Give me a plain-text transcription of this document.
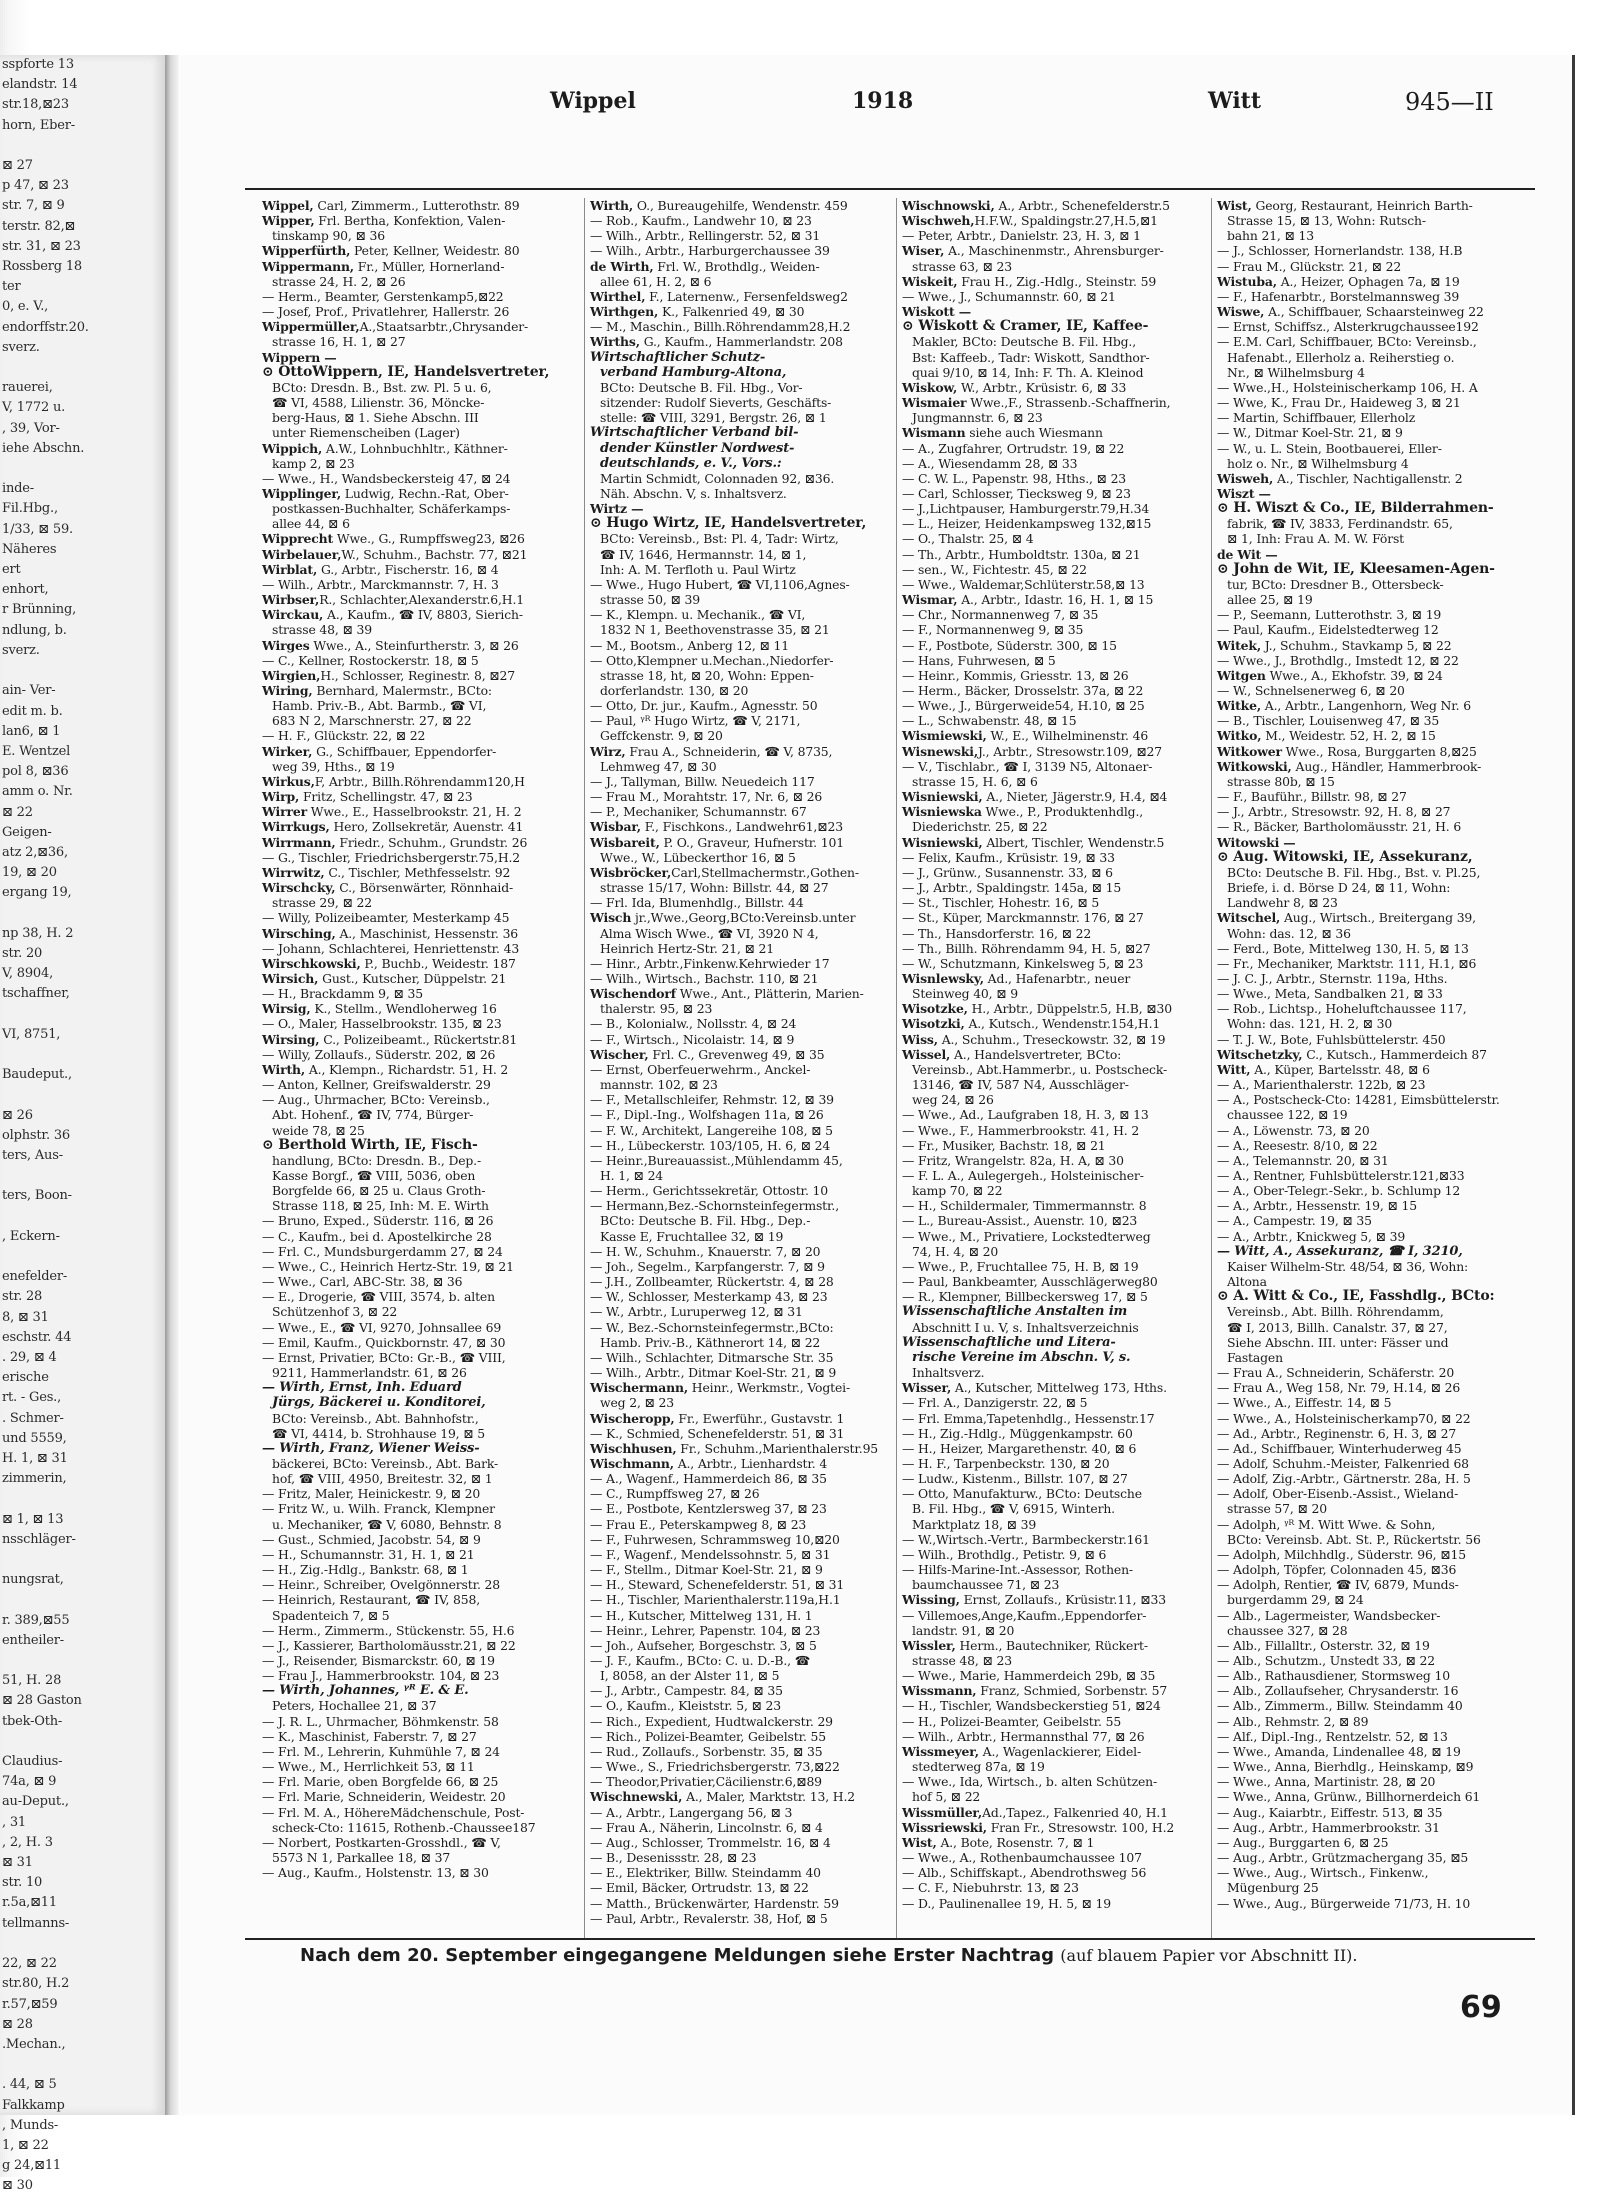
sspforte 13
elandstr. 14
str.18,⊠23
horn, Eber-

⊠ 27
p 47, ⊠ 23
str. 7, ⊠ 9
terstr. 82,⊠
str. 31, ⊠ 23
Rossberg 18
ter
0, e. V.,
endorffstr.20.
sverz.

rauerei,
V, 1772 u.
, 39, Vor-
iehe Abschn.

inde-
Fil.Hbg.,
1/33, ⊠ 59.
Näheres
ert
enhort,
r Brünning,
ndlung, b.
sverz.

ain- Ver-
edit m. b.
lan6, ⊠ 1
E. Wentzel
pol 8, ⊠36
amm o. Nr.
⊠ 22
Geigen-
atz 2,⊠36,
19, ⊠ 20
ergang 19,

np 38, H. 2
str. 20
V, 8904,
tschaffner,

VI, 8751,

Baudeput.,

⊠ 26
olphstr. 36
ters, Aus-

ters, Boon-

, Eckern-

enefelder-
str. 28
8, ⊠ 31
eschstr. 44
. 29, ⊠ 4
erische
rt. - Ges.,
. Schmer-
und 5559,
H. 1, ⊠ 31
zimmerin,

⊠ 1, ⊠ 13
nsschläger-

nungsrat,

r. 389,⊠55
entheiler-

51, H. 28
⊠ 28 Gaston
tbek-Oth-

Claudius-
74a, ⊠ 9
au-Deput.,
, 31
, 2, H. 3
⊠ 31
str. 10
r.5a,⊠11
tellmanns-

22, ⊠ 22
str.80, H.2
r.57,⊠59
⊠ 28
.Mechan.,

. 44, ⊠ 5
Falkkamp
, Munds-
1, ⊠ 22
g 24,⊠11
⊠ 30
Wippel	1918	Witt	945—II
Wippel, Carl, Zimmerm., Lutterothstr. 89
Wipper, Frl. Bertha, Konfektion, Valen-
tinskamp 90, ⊠ 36
Wipperfürth, Peter, Kellner, Weidestr. 80
Wippermann, Fr., Müller, Hornerland-
strasse 24, H. 2, ⊠ 26
— Herm., Beamter, Gerstenkamp5,⊠22
— Josef, Prof., Privatlehrer, Hallerstr. 26
Wippermüller,A.,Staatsarbtr.,Chrysander-
strasse 16, H. 1, ⊠ 27
Wippern —
⊙ OttoWippern, IE, Handelsvertreter,
BCto: Dresdn. B., Bst. zw. Pl. 5 u. 6,
☎ VI, 4588, Lilienstr. 36, Möncke-
berg-Haus, ⊠ 1. Siehe Abschn. III
unter Riemenscheiben (Lager)
Wippich, A.W., Lohnbuchhltr., Käthner-
kamp 2, ⊠ 23
— Wwe., H., Wandsbeckersteig 47, ⊠ 24
Wipplinger, Ludwig, Rechn.-Rat, Ober-
postkassen-Buchhalter, Schäferkamps-
allee 44, ⊠ 6
Wipprecht Wwe., G., Rumpffsweg23, ⊠26
Wirbelauer,W., Schuhm., Bachstr. 77, ⊠21
Wirblat, G., Arbtr., Fischerstr. 16, ⊠ 4
— Wilh., Arbtr., Marckmannstr. 7, H. 3
Wirbser,R., Schlachter,Alexanderstr.6,H.1
Wirckau, A., Kaufm., ☎ IV, 8803, Sierich-
strasse 48, ⊠ 39
Wirges Wwe., A., Steinfurtherstr. 3, ⊠ 26
— C., Kellner, Rostockerstr. 18, ⊠ 5
Wirgien,H., Schlosser, Reginestr. 8, ⊠27
Wiring, Bernhard, Malermstr., BCto:
Hamb. Priv.-B., Abt. Barmb., ☎ VI,
683 N 2, Marschnerstr. 27, ⊠ 22
— H. F., Glückstr. 22, ⊠ 22
Wirker, G., Schiffbauer, Eppendorfer-
weg 39, Hths., ⊠ 19
Wirkus,F, Arbtr., Billh.Röhrendamm120,H
Wirp, Fritz, Schellingstr. 47, ⊠ 23
Wirrer Wwe., E., Hasselbrookstr. 21, H. 2
Wirrkugs, Hero, Zollsekretär, Auenstr. 41
Wirrmann, Friedr., Schuhm., Grundstr. 26
— G., Tischler, Friedrichsbergerstr.75,H.2
Wirrwitz, C., Tischler, Methfesselstr. 92
Wirschcky, C., Börsenwärter, Rönnhaid-
strasse 29, ⊠ 22
— Willy, Polizeibeamter, Mesterkamp 45
Wirsching, A., Maschinist, Hessenstr. 36
— Johann, Schlachterei, Henriettenstr. 43
Wirschkowski, P., Buchb., Weidestr. 187
Wirsich, Gust., Kutscher, Düppelstr. 21
— H., Brackdamm 9, ⊠ 35
Wirsig, K., Stellm., Wendloherweg 16
— O., Maler, Hasselbrookstr. 135, ⊠ 23
Wirsing, C., Polizeibeamt., Rückertstr.81
— Willy, Zollaufs., Süderstr. 202, ⊠ 26
Wirth, A., Klempn., Richardstr. 51, H. 2
— Anton, Kellner, Greifswalderstr. 29
— Aug., Uhrmacher, BCto: Vereinsb.,
Abt. Hohenf., ☎ IV, 774, Bürger-
weide 78, ⊠ 25
⊙ Berthold Wirth, IE, Fisch-
handlung, BCto: Dresdn. B., Dep.-
Kasse Borgf., ☎ VIII, 5036, oben
Borgfelde 66, ⊠ 25 u. Claus Groth-
Strasse 118, ⊠ 25, Inh: M. E. Wirth
— Bruno, Exped., Süderstr. 116, ⊠ 26
— C., Kaufm., bei d. Apostelkirche 28
— Frl. C., Mundsburgerdamm 27, ⊠ 24
— Wwe., C., Heinrich Hertz-Str. 19, ⊠ 21
— Wwe., Carl, ABC-Str. 38, ⊠ 36
— E., Drogerie, ☎ VIII, 3574, b. alten
Schützenhof 3, ⊠ 22
— Wwe., E., ☎ VI, 9270, Johnsallee 69
— Emil, Kaufm., Quickbornstr. 47, ⊠ 30
— Ernst, Privatier, BCto: Gr.-B., ☎ VIII,
9211, Hammerlandstr. 61, ⊠ 26
— Wirth, Ernst, Inh. Eduard
Jürgs, Bäckerei u. Konditorei,
BCto: Vereinsb., Abt. Bahnhofstr.,
☎ VI, 4414, b. Strohhause 19, ⊠ 5
— Wirth, Franz, Wiener Weiss-
bäckerei, BCto: Vereinsb., Abt. Bark-
hof, ☎ VIII, 4950, Breitestr. 32, ⊠ 1
— Fritz, Maler, Heinickestr. 9, ⊠ 20
— Fritz W., u. Wilh. Franck, Klempner
u. Mechaniker, ☎ V, 6080, Behnstr. 8
— Gust., Schmied, Jacobstr. 54, ⊠ 9
— H., Schumannstr. 31, H. 1, ⊠ 21
— H., Zig.-Hdlg., Bankstr. 68, ⊠ 1
— Heinr., Schreiber, Ovelgönnerstr. 28
— Heinrich, Restaurant, ☎ IV, 858,
Spadenteich 7, ⊠ 5
— Herm., Zimmerm., Stückenstr. 55, H.6
— J., Kassierer, Bartholomäusstr.21, ⊠ 22
— J., Reisender, Bismarckstr. 60, ⊠ 19
— Frau J., Hammerbrookstr. 104, ⊠ 23
— Wirth, Johannes, ᵞᴿ E. & E.
Peters, Hochallee 21, ⊠ 37
— J. R. L., Uhrmacher, Böhmkenstr. 58
— K., Maschinist, Faberstr. 7, ⊠ 27
— Frl. M., Lehrerin, Kuhmühle 7, ⊠ 24
— Wwe., M., Herrlichkeit 53, ⊠ 11
— Frl. Marie, oben Borgfelde 66, ⊠ 25
— Frl. Marie, Schneiderin, Weidestr. 20
— Frl. M. A., HöhereMädchenschule, Post-
scheck-Cto: 11615, Rothenb.-Chaussee187
— Norbert, Postkarten-Grosshdl., ☎ V,
5573 N 1, Parkallee 18, ⊠ 37
— Aug., Kaufm., Holstenstr. 13, ⊠ 30
Wirth, O., Bureaugehilfe, Wendenstr. 459
— Rob., Kaufm., Landwehr 10, ⊠ 23
— Wilh., Arbtr., Rellingerstr. 52, ⊠ 31
— Wilh., Arbtr., Harburgerchaussee 39
de Wirth, Frl. W., Brothdlg., Weiden-
allee 61, H. 2, ⊠ 6
Wirthel, F., Laternenw., Fersenfeldsweg2
Wirthgen, K., Falkenried 49, ⊠ 30
— M., Maschin., Billh.Röhrendamm28,H.2
Wirths, G., Kaufm., Hammerlandstr. 208
Wirtschaftlicher Schutz-
verband Hamburg-Altona,
BCto: Deutsche B. Fil. Hbg., Vor-
sitzender: Rudolf Sieverts, Geschäfts-
stelle: ☎ VIII, 3291, Bergstr. 26, ⊠ 1
Wirtschaftlicher Verband bil-
dender Künstler Nordwest-
deutschlands, e. V., Vors.:
Martin Schmidt, Colonnaden 92, ⊠36.
Näh. Abschn. V, s. Inhaltsverz.
Wirtz —
⊙ Hugo Wirtz, IE, Handelsvertreter,
BCto: Vereinsb., Bst: Pl. 4, Tadr: Wirtz,
☎ IV, 1646, Hermannstr. 14, ⊠ 1,
Inh: A. M. Terfloth u. Paul Wirtz
— Wwe., Hugo Hubert, ☎ VI,1106,Agnes-
strasse 50, ⊠ 39
— K., Klempn. u. Mechanik., ☎ VI,
1832 N 1, Beethovenstrasse 35, ⊠ 21
— M., Bootsm., Anberg 12, ⊠ 11
— Otto,Klempner u.Mechan.,Niedorfer-
strasse 18, ht, ⊠ 20, Wohn: Eppen-
dorferlandstr. 130, ⊠ 20
— Otto, Dr. jur., Kaufm., Agnesstr. 50
— Paul, ᵞᴿ Hugo Wirtz, ☎ V, 2171,
Geffckenstr. 9, ⊠ 20
Wirz, Frau A., Schneiderin, ☎ V, 8735,
Lehmweg 47, ⊠ 30
— J., Tallyman, Billw. Neuedeich 117
— Frau M., Morahtstr. 17, Nr. 6, ⊠ 26
— P., Mechaniker, Schumannstr. 67
Wisbar, F., Fischkons., Landwehr61,⊠23
Wisbareit, P. O., Graveur, Hufnerstr. 101
Wwe., W., Lübeckerthor 16, ⊠ 5
Wisbröcker,Carl,Stellmachermstr.,Gothen-
strasse 15/17, Wohn: Billstr. 44, ⊠ 27
— Frl. Ida, Blumenhdlg., Billstr. 44
Wisch jr.,Wwe.,Georg,BCto:Vereinsb.unter
Alma Wisch Wwe., ☎ VI, 3920 N 4,
Heinrich Hertz-Str. 21, ⊠ 21
— Hinr., Arbtr.,Finkenw.Kehrwieder 17
— Wilh., Wirtsch., Bachstr. 110, ⊠ 21
Wischendorf Wwe., Ant., Plätterin, Marien-
thalerstr. 95, ⊠ 23
— B., Kolonialw., Nollsstr. 4, ⊠ 24
— F., Wirtsch., Nicolaistr. 14, ⊠ 9
Wischer, Frl. C., Grevenweg 49, ⊠ 35
— Ernst, Oberfeuerwehrm., Anckel-
mannstr. 102, ⊠ 23
— F., Metallschleifer, Rehmstr. 12, ⊠ 39
— F., Dipl.-Ing., Wolfshagen 11a, ⊠ 26
— F. W., Architekt, Langereihe 108, ⊠ 5
— H., Lübeckerstr. 103/105, H. 6, ⊠ 24
— Heinr.,Bureauassist.,Mühlendamm 45,
H. 1, ⊠ 24
— Herm., Gerichtssekretär, Ottostr. 10
— Hermann,Bez.-Schornsteinfegermstr.,
BCto: Deutsche B. Fil. Hbg., Dep.-
Kasse E, Fruchtallee 32, ⊠ 19
— H. W., Schuhm., Knauerstr. 7, ⊠ 20
— Joh., Segelm., Karpfangerstr. 7, ⊠ 9
— J.H., Zollbeamter, Rückertstr. 4, ⊠ 28
— W., Schlosser, Mesterkamp 43, ⊠ 23
— W., Arbtr., Luruperweg 12, ⊠ 31
— W., Bez.-Schornsteinfegermstr.,BCto:
Hamb. Priv.-B., Käthnerort 14, ⊠ 22
— Wilh., Schlachter, Ditmarsche Str. 35
— Wilh., Arbtr., Ditmar Koel-Str. 21, ⊠ 9
Wischermann, Heinr., Werkmstr., Vogtei-
weg 2, ⊠ 23
Wischeropp, Fr., Ewerführ., Gustavstr. 1
— K., Schmied, Schenefelderstr. 51, ⊠ 31
Wischhusen, Fr., Schuhm.,Marienthalerstr.95
Wischmann, A., Arbtr., Lienhardstr. 4
— A., Wagenf., Hammerdeich 86, ⊠ 35
— C., Rumpffsweg 27, ⊠ 26
— E., Postbote, Kentzlersweg 37, ⊠ 23
— Frau E., Peterskampweg 8, ⊠ 23
— F., Fuhrwesen, Schrammsweg 10,⊠20
— F., Wagenf., Mendelssohnstr. 5, ⊠ 31
— F., Stellm., Ditmar Koel-Str. 21, ⊠ 9
— H., Steward, Schenefelderstr. 51, ⊠ 31
— H., Tischler, Marienthalerstr.119a,H.1
— H., Kutscher, Mittelweg 131, H. 1
— Heinr., Lehrer, Papenstr. 104, ⊠ 23
— Joh., Aufseher, Borgeschstr. 3, ⊠ 5
— J. F., Kaufm., BCto: C. u. D.-B., ☎
I, 8058, an der Alster 11, ⊠ 5
— J., Arbtr., Campestr. 84, ⊠ 35
— O., Kaufm., Kleiststr. 5, ⊠ 23
— Rich., Expedient, Hudtwalckerstr. 29
— Rich., Polizei-Beamter, Geibelstr. 55
— Rud., Zollaufs., Sorbenstr. 35, ⊠ 35
— Wwe., S., Friedrichsbergerstr. 73,⊠22
— Theodor,Privatier,Cäcilienstr.6,⊠89
Wischnewski, A., Maler, Marktstr. 13, H.2
— A., Arbtr., Langergang 56, ⊠ 3
— Frau A., Näherin, Lincolnstr. 6, ⊠ 4
— Aug., Schlosser, Trommelstr. 16, ⊠ 4
— B., Desenissstr. 28, ⊠ 23
— E., Elektriker, Billw. Steindamm 40
— Emil, Bäcker, Ortrudstr. 13, ⊠ 22
— Matth., Brückenwärter, Hardenstr. 59
— Paul, Arbtr., Revalerstr. 38, Hof, ⊠ 5
Wischnowski, A., Arbtr., Schenefelderstr.5
Wischweh,H.F.W., Spaldingstr.27,H.5,⊠1
— Peter, Arbtr., Danielstr. 23, H. 3, ⊠ 1
Wiser, A., Maschinenmstr., Ahrensburger-
strasse 63, ⊠ 23
Wiskeit, Frau H., Zig.-Hdlg., Steinstr. 59
— Wwe., J., Schumannstr. 60, ⊠ 21
Wiskott —
⊙ Wiskott & Cramer, IE, Kaffee-
Makler, BCto: Deutsche B. Fil. Hbg.,
Bst: Kaffeeb., Tadr: Wiskott, Sandthor-
quai 9/10, ⊠ 14, Inh: F. Th. A. Kleinod
Wiskow, W., Arbtr., Krüsistr. 6, ⊠ 33
Wismaier Wwe.,F., Strassenb.-Schaffnerin,
Jungmannstr. 6, ⊠ 23
Wismann siehe auch Wiesmann
— A., Zugfahrer, Ortrudstr. 19, ⊠ 22
— A., Wiesendamm 28, ⊠ 33
— C. W. L., Papenstr. 98, Hths., ⊠ 23
— Carl, Schlosser, Tiecksweg 9, ⊠ 23
— J.,Lichtpauser, Hamburgerstr.79,H.34
— L., Heizer, Heidenkampsweg 132,⊠15
— O., Thalstr. 25, ⊠ 4
— Th., Arbtr., Humboldtstr. 130a, ⊠ 21
— sen., W., Fichtestr. 45, ⊠ 22
— Wwe., Waldemar,Schlüterstr.58,⊠ 13
Wismar, A., Arbtr., Idastr. 16, H. 1, ⊠ 15
— Chr., Normannenweg 7, ⊠ 35
— F., Normannenweg 9, ⊠ 35
— F., Postbote, Süderstr. 300, ⊠ 15
— Hans, Fuhrwesen, ⊠ 5
— Heinr., Kommis, Griesstr. 13, ⊠ 26
— Herm., Bäcker, Drosselstr. 37a, ⊠ 22
— Wwe., J., Bürgerweide54, H.10, ⊠ 25
— L., Schwabenstr. 48, ⊠ 15
Wismiewski, W., E., Wilhelminenstr. 46
Wisnewski,J., Arbtr., Stresowstr.109, ⊠27
— V., Tischlabr., ☎ I, 3139 N5, Altonaer-
strasse 15, H. 6, ⊠ 6
Wisniewski, A., Nieter, Jägerstr.9, H.4, ⊠4
Wisniewska Wwe., P., Produktenhdlg.,
Diederichstr. 25, ⊠ 22
Wisniewski, Albert, Tischler, Wendenstr.5
— Felix, Kaufm., Krüsistr. 19, ⊠ 33
— J., Grünw., Susannenstr. 33, ⊠ 6
— J., Arbtr., Spaldingstr. 145a, ⊠ 15
— St., Tischler, Hohestr. 16, ⊠ 5
— St., Küper, Marckmannstr. 176, ⊠ 27
— Th., Hansdorferstr. 16, ⊠ 22
— Th., Billh. Röhrendamm 94, H. 5, ⊠27
— W., Schutzmann, Kinkelsweg 5, ⊠ 23
Wisnlewsky, Ad., Hafenarbtr., neuer
Steinweg 40, ⊠ 9
Wisotzke, H., Arbtr., Düppelstr.5, H.B, ⊠30
Wisotzki, A., Kutsch., Wendenstr.154,H.1
Wiss, A., Schuhm., Treseckowstr. 32, ⊠ 19
Wissel, A., Handelsvertreter, BCto:
Vereinsb., Abt.Hammerbr., u. Postscheck-
13146, ☎ IV, 587 N4, Ausschläger-
weg 24, ⊠ 26
— Wwe., Ad., Laufgraben 18, H. 3, ⊠ 13
— Wwe., F., Hammerbrookstr. 41, H. 2
— Fr., Musiker, Bachstr. 18, ⊠ 21
— Fritz, Wrangelstr. 82a, H. A, ⊠ 30
— F. L. A., Aulegergeh., Holsteinischer-
kamp 70, ⊠ 22
— H., Schildermaler, Timmermannstr. 8
— L., Bureau-Assist., Auenstr. 10, ⊠23
— Wwe., M., Privatiere, Lockstedterweg
74, H. 4, ⊠ 20
— Wwe., P., Fruchtallee 75, H. B, ⊠ 19
— Paul, Bankbeamter, Ausschlägerweg80
— R., Klempner, Billbeckersweg 17, ⊠ 5
Wissenschaftliche Anstalten im
Abschnitt I u. V, s. Inhaltsverzeichnis
Wissenschaftliche und Litera-
rische Vereine im Abschn. V, s.
Inhaltsverz.
Wisser, A., Kutscher, Mittelweg 173, Hths.
— Frl. A., Danzigerstr. 22, ⊠ 5
— Frl. Emma,Tapetenhdlg., Hessenstr.17
— H., Zig.-Hdlg., Müggenkampstr. 60
— H., Heizer, Margarethenstr. 40, ⊠ 6
— H. F., Tarpenbeckstr. 130, ⊠ 20
— Ludw., Kistenm., Billstr. 107, ⊠ 27
— Otto, Manufakturw., BCto: Deutsche
B. Fil. Hbg., ☎ V, 6915, Winterh.
Marktplatz 18, ⊠ 39
— W.,Wirtsch.-Vertr., Barmbeckerstr.161
— Wilh., Brothdlg., Petistr. 9, ⊠ 6
— Hilfs-Marine-Int.-Assessor, Rothen-
baumchaussee 71, ⊠ 23
Wissing, Ernst, Zollaufs., Krüsistr.11, ⊠33
— Villemoes,Ange,Kaufm.,Eppendorfer-
landstr. 91, ⊠ 20
Wissler, Herm., Bautechniker, Rückert-
strasse 48, ⊠ 23
— Wwe., Marie, Hammerdeich 29b, ⊠ 35
Wissmann, Franz, Schmied, Sorbenstr. 57
— H., Tischler, Wandsbeckerstieg 51, ⊠24
— H., Polizei-Beamter, Geibelstr. 55
— Wilh., Arbtr., Hermannsthal 77, ⊠ 26
Wissmeyer, A., Wagenlackierer, Eidel-
stedterweg 87a, ⊠ 19
— Wwe., Ida, Wirtsch., b. alten Schützen-
hof 5, ⊠ 22
Wissmüller,Ad.,Tapez., Falkenried 40, H.1
Wissriewski, Fran Fr., Stresowstr. 100, H.2
Wist, A., Bote, Rosenstr. 7, ⊠ 1
— Wwe., A., Rothenbaumchaussee 107
— Alb., Schiffskapt., Abendrothsweg 56
— C. F., Niebuhrstr. 13, ⊠ 23
— D., Paulinenallee 19, H. 5, ⊠ 19
Wist, Georg, Restaurant, Heinrich Barth-
Strasse 15, ⊠ 13, Wohn: Rutsch-
bahn 21, ⊠ 13
— J., Schlosser, Hornerlandstr. 138, H.B
— Frau M., Glückstr. 21, ⊠ 22
Wistuba, A., Heizer, Ophagen 7a, ⊠ 19
— F., Hafenarbtr., Borstelmannsweg 39
Wiswe, A., Schiffbauer, Schaarsteinweg 22
— Ernst, Schiffsz., Alsterkrugchaussee192
— E.M. Carl, Schiffbauer, BCto: Vereinsb.,
Hafenabt., Ellerholz a. Reiherstieg o.
Nr., ⊠ Wilhelmsburg 4
— Wwe.,H., Holsteinischerkamp 106, H. A
— Wwe, K., Frau Dr., Haideweg 3, ⊠ 21
— Martin, Schiffbauer, Ellerholz
— W., Ditmar Koel-Str. 21, ⊠ 9
— W., u. L. Stein, Bootbauerei, Eller-
holz o. Nr., ⊠ Wilhelmsburg 4
Wisweh, A., Tischler, Nachtigallenstr. 2
Wiszt —
⊙ H. Wiszt & Co., IE, Bilderrahmen-
fabrik, ☎ IV, 3833, Ferdinandstr. 65,
⊠ 1, Inh: Frau A. M. W. Först
de Wit —
⊙ John de Wit, IE, Kleesamen-Agen-
tur, BCto: Dresdner B., Ottersbeck-
allee 25, ⊠ 19
— P., Seemann, Lutterothstr. 3, ⊠ 19
— Paul, Kaufm., Eidelstedterweg 12
Witek, J., Schuhm., Stavkamp 5, ⊠ 22
— Wwe., J., Brothdlg., Imstedt 12, ⊠ 22
Witgen Wwe., A., Ekhofstr. 39, ⊠ 24
— W., Schnelsenerweg 6, ⊠ 20
Witke, A., Arbtr., Langenhorn, Weg Nr. 6
— B., Tischler, Louisenweg 47, ⊠ 35
Witko, M., Weidestr. 52, H. 2, ⊠ 15
Witkower Wwe., Rosa, Burggarten 8,⊠25
Witkowski, Aug., Händler, Hammerbrook-
strasse 80b, ⊠ 15
— F., Bauführ., Billstr. 98, ⊠ 27
— J., Arbtr., Stresowstr. 92, H. 8, ⊠ 27
— R., Bäcker, Bartholomäusstr. 21, H. 6
Witowski —
⊙ Aug. Witowski, IE, Assekuranz,
BCto: Deutsche B. Fil. Hbg., Bst. v. Pl.25,
Briefe, i. d. Börse D 24, ⊠ 11, Wohn:
Landwehr 8, ⊠ 23
Witschel, Aug., Wirtsch., Breitergang 39,
Wohn: das. 12, ⊠ 36
— Ferd., Bote, Mittelweg 130, H. 5, ⊠ 13
— Fr., Mechaniker, Marktstr. 111, H.1, ⊠6
— J. C. J., Arbtr., Sternstr. 119a, Hths.
— Wwe., Meta, Sandbalken 21, ⊠ 33
— Rob., Lichtsp., Hoheluftchaussee 117,
Wohn: das. 121, H. 2, ⊠ 30
— T. J. W., Bote, Fuhlsbüttelerstr. 450
Witschetzky, C., Kutsch., Hammerdeich 87
Witt, A., Küper, Bartelsstr. 48, ⊠ 6
— A., Marienthalerstr. 122b, ⊠ 23
— A., Postscheck-Cto: 14281, Eimsbüttelerstr.
chaussee 122, ⊠ 19
— A., Löwenstr. 73, ⊠ 20
— A., Reesestr. 8/10, ⊠ 22
— A., Telemannstr. 20, ⊠ 31
— A., Rentner, Fuhlsbüttelerstr.121,⊠33
— A., Ober-Telegr.-Sekr., b. Schlump 12
— A., Arbtr., Hessenstr. 19, ⊠ 15
— A., Campestr. 19, ⊠ 35
— A., Arbtr., Knickweg 5, ⊠ 39
— Witt, A., Assekuranz, ☎ I, 3210,
Kaiser Wilhelm-Str. 48/54, ⊠ 36, Wohn:
Altona
⊙ A. Witt & Co., IE, Fasshdlg., BCto:
Vereinsb., Abt. Billh. Röhrendamm,
☎ I, 2013, Billh. Canalstr. 37, ⊠ 27,
Siehe Abschn. III. unter: Fässer und
Fastagen
— Frau A., Schneiderin, Schäferstr. 20
— Frau A., Weg 158, Nr. 79, H.14, ⊠ 26
— Wwe., A., Eiffestr. 14, ⊠ 5
— Wwe., A., Holsteinischerkamp70, ⊠ 22
— Ad., Arbtr., Reginenstr. 6, H. 3, ⊠ 27
— Ad., Schiffbauer, Winterhuderweg 45
— Adolf, Schuhm.-Meister, Falkenried 68
— Adolf, Zig.-Arbtr., Gärtnerstr. 28a, H. 5
— Adolf, Ober-Eisenb.-Assist., Wieland-
strasse 57, ⊠ 20
— Adolph, ᵞᴿ M. Witt Wwe. & Sohn,
BCto: Vereinsb. Abt. St. P., Rückertstr. 56
— Adolph, Milchhdlg., Süderstr. 96, ⊠15
— Adolph, Töpfer, Colonnaden 45, ⊠36
— Adolph, Rentier, ☎ IV, 6879, Munds-
burgerdamm 29, ⊠ 24
— Alb., Lagermeister, Wandsbecker-
chaussee 327, ⊠ 28
— Alb., Fillalltr., Osterstr. 32, ⊠ 19
— Alb., Schutzm., Unstedt 33, ⊠ 22
— Alb., Rathausdiener, Stormsweg 10
— Alb., Zollaufseher, Chrysanderstr. 16
— Alb., Zimmerm., Billw. Steindamm 40
— Alb., Rehmstr. 2, ⊠ 89
— Alf., Dipl.-Ing., Rentzelstr. 52, ⊠ 13
— Wwe., Amanda, Lindenallee 48, ⊠ 19
— Wwe., Anna, Bierhdlg., Heinskamp, ⊠9
— Wwe., Anna, Martinistr. 28, ⊠ 20
— Wwe., Anna, Grünw., Billhornerdeich 61
— Aug., Kaiarbtr., Eiffestr. 513, ⊠ 35
— Aug., Arbtr., Hammerbrookstr. 31
— Aug., Burggarten 6, ⊠ 25
— Aug., Arbtr., Grützmachergang 35, ⊠5
— Wwe., Aug., Wirtsch., Finkenw.,
Mügenburg 25
— Wwe., Aug., Bürgerweide 71/73, H. 10
Nach dem 20. September eingegangene Meldungen siehe Erster Nachtrag (auf blauem Papier vor Abschnitt II).
69
